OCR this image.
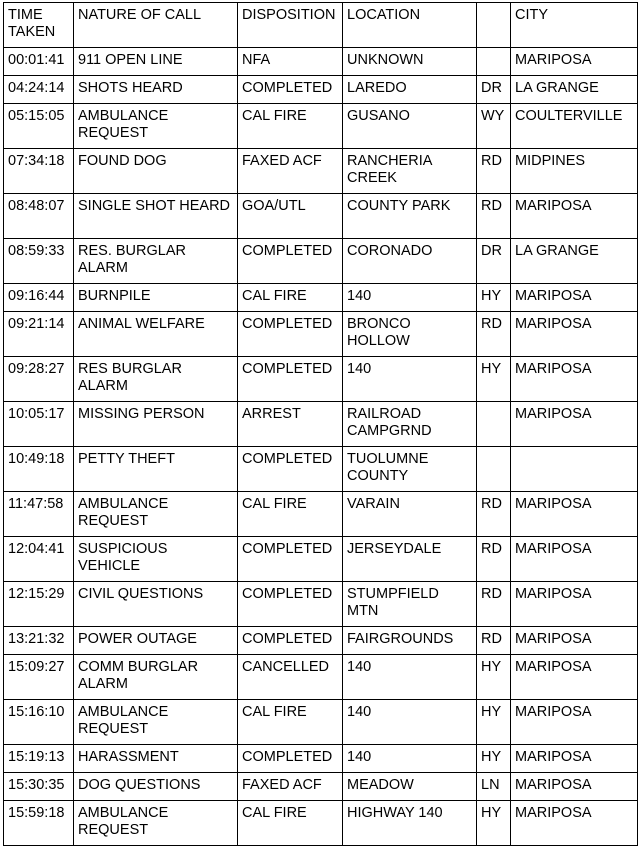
TIME TAKEN	NATURE OF CALL	DISPOSITION	LOCATION		CITY
00:01:41	911 OPEN LINE	NFA	UNKNOWN		MARIPOSA
04:24:14	SHOTS HEARD	COMPLETED	LAREDO	DR	LA GRANGE
05:15:05	AMBULANCE REQUEST	CAL FIRE	GUSANO	WY	COULTERVILLE
07:34:18	FOUND DOG	FAXED ACF	RANCHERIA CREEK	RD	MIDPINES
08:48:07	SINGLE SHOT HEARD	GOA/UTL	COUNTY PARK	RD	MARIPOSA
08:59:33	RES. BURGLAR ALARM	COMPLETED	CORONADO	DR	LA GRANGE
09:16:44	BURNPILE	CAL FIRE	140	HY	MARIPOSA
09:21:14	ANIMAL WELFARE	COMPLETED	BRONCO HOLLOW	RD	MARIPOSA
09:28:27	RES BURGLAR ALARM	COMPLETED	140	HY	MARIPOSA
10:05:17	MISSING PERSON	ARREST	RAILROAD CAMPGRND		MARIPOSA
10:49:18	PETTY THEFT	COMPLETED	TUOLUMNE COUNTY		
11:47:58	AMBULANCE REQUEST	CAL FIRE	VARAIN	RD	MARIPOSA
12:04:41	SUSPICIOUS VEHICLE	COMPLETED	JERSEYDALE	RD	MARIPOSA
12:15:29	CIVIL QUESTIONS	COMPLETED	STUMPFIELD MTN	RD	MARIPOSA
13:21:32	POWER OUTAGE	COMPLETED	FAIRGROUNDS	RD	MARIPOSA
15:09:27	COMM BURGLAR ALARM	CANCELLED	140	HY	MARIPOSA
15:16:10	AMBULANCE REQUEST	CAL FIRE	140	HY	MARIPOSA
15:19:13	HARASSMENT	COMPLETED	140	HY	MARIPOSA
15:30:35	DOG QUESTIONS	FAXED ACF	MEADOW	LN	MARIPOSA
15:59:18	AMBULANCE REQUEST	CAL FIRE	HIGHWAY 140	HY	MARIPOSA
